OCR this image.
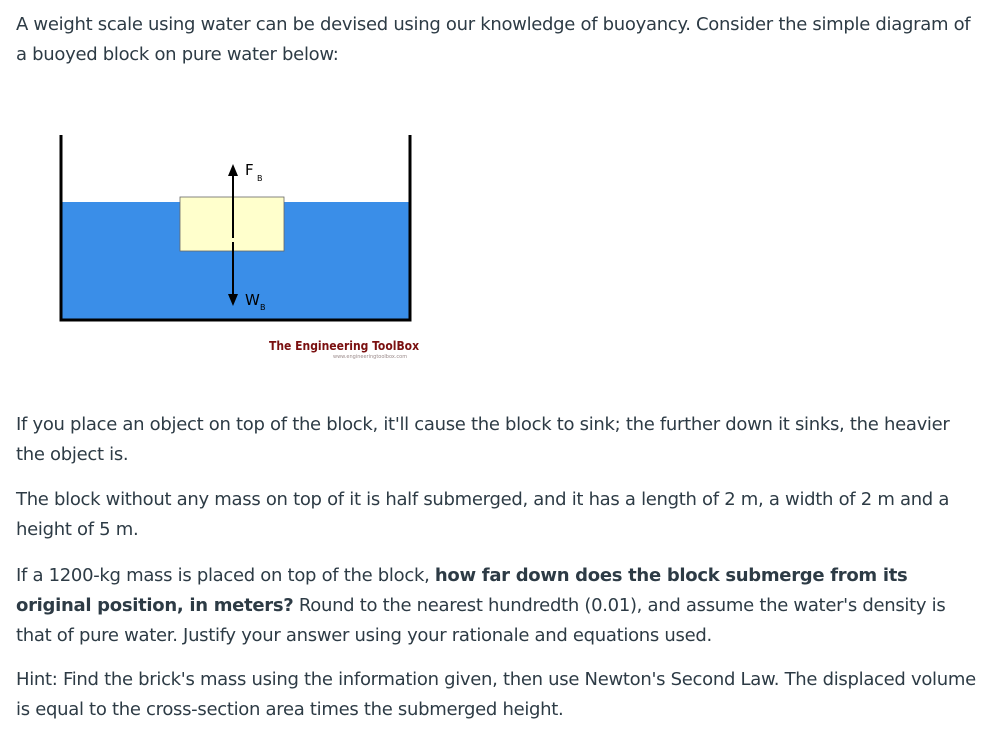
A weight scale using water can be devised using our knowledge of buoyancy. Consider the simple diagram of a buoyed block on pure water below:

F B
W B
The Engineering ToolBox
www.engineeringtoolbox.com

If you place an object on top of the block, it'll cause the block to sink; the further down it sinks, the heavier the object is.

The block without any mass on top of it is half submerged, and it has a length of 2 m, a width of 2 m and a height of 5 m.

If a 1200-kg mass is placed on top of the block, how far down does the block submerge from its original position, in meters? Round to the nearest hundredth (0.01), and assume the water's density is that of pure water. Justify your answer using your rationale and equations used.

Hint: Find the brick's mass using the information given, then use Newton's Second Law. The displaced volume is equal to the cross-section area times the submerged height.
